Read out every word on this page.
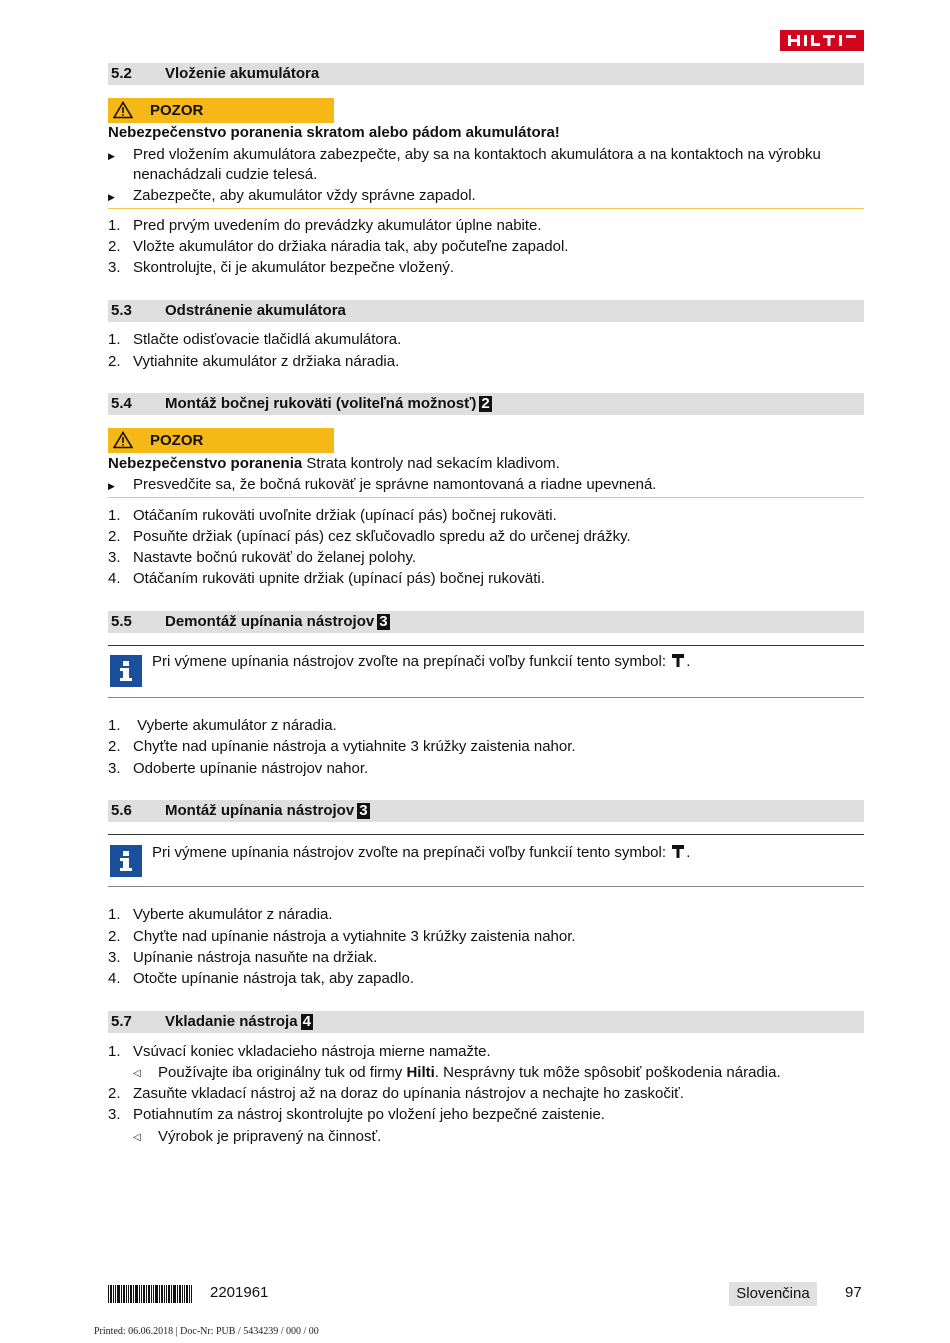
5.2 Vloženie akumulátora
POZOR
Nebezpečenstvo poranenia skratom alebo pádom akumulátora!
▶ Pred vložením akumulátora zabezpečte, aby sa na kontaktoch akumulátora a na kontaktoch na výrobku
nenachádzali cudzie telesá.
▶ Zabezpečte, aby akumulátor vždy správne zapadol.
1. Pred prvým uvedením do prevádzky akumulátor úplne nabite.
2. Vložte akumulátor do držiaka náradia tak, aby počuteľne zapadol.
3. Skontrolujte, či je akumulátor bezpečne vložený.
5.3 Odstránenie akumulátora
1. Stlačte odisťovacie tlačidlá akumulátora.
2. Vytiahnite akumulátor z držiaka náradia.
5.4 Montáž bočnej rukoväti (voliteľná možnosť) 2
POZOR
Nebezpečenstvo poranenia Strata kontroly nad sekacím kladivom.
▶ Presvedčite sa, že bočná rukoväť je správne namontovaná a riadne upevnená.
1. Otáčaním rukoväti uvoľnite držiak (upínací pás) bočnej rukoväti.
2. Posuňte držiak (upínací pás) cez skľučovadlo spredu až do určenej drážky.
3. Nastavte bočnú rukoväť do želanej polohy.
4. Otáčaním rukoväti upnite držiak (upínací pás) bočnej rukoväti.
5.5 Demontáž upínania nástrojov 3
Pri výmene upínania nástrojov zvoľte na prepínači voľby funkcií tento symbol: .
1. Vyberte akumulátor z náradia.
2. Chyťte nad upínanie nástroja a vytiahnite 3 krúžky zaistenia nahor.
3. Odoberte upínanie nástrojov nahor.
5.6 Montáž upínania nástrojov 3
Pri výmene upínania nástrojov zvoľte na prepínači voľby funkcií tento symbol: .
1. Vyberte akumulátor z náradia.
2. Chyťte nad upínanie nástroja a vytiahnite 3 krúžky zaistenia nahor.
3. Upínanie nástroja nasuňte na držiak.
4. Otočte upínanie nástroja tak, aby zapadlo.
5.7 Vkladanie nástroja 4
1. Vsúvací koniec vkladacieho nástroja mierne namažte.
◁ Používajte iba originálny tuk od firmy Hilti. Nesprávny tuk môže spôsobiť poškodenia náradia.
2. Zasuňte vkladací nástroj až na doraz do upínania nástrojov a nechajte ho zaskočiť.
3. Potiahnutím za nástroj skontrolujte po vložení jeho bezpečné zaistenie.
◁ Výrobok je pripravený na činnosť.
2201961	Slovenčina	97
Printed: 06.06.2018 | Doc-Nr: PUB / 5434239 / 000 / 00
